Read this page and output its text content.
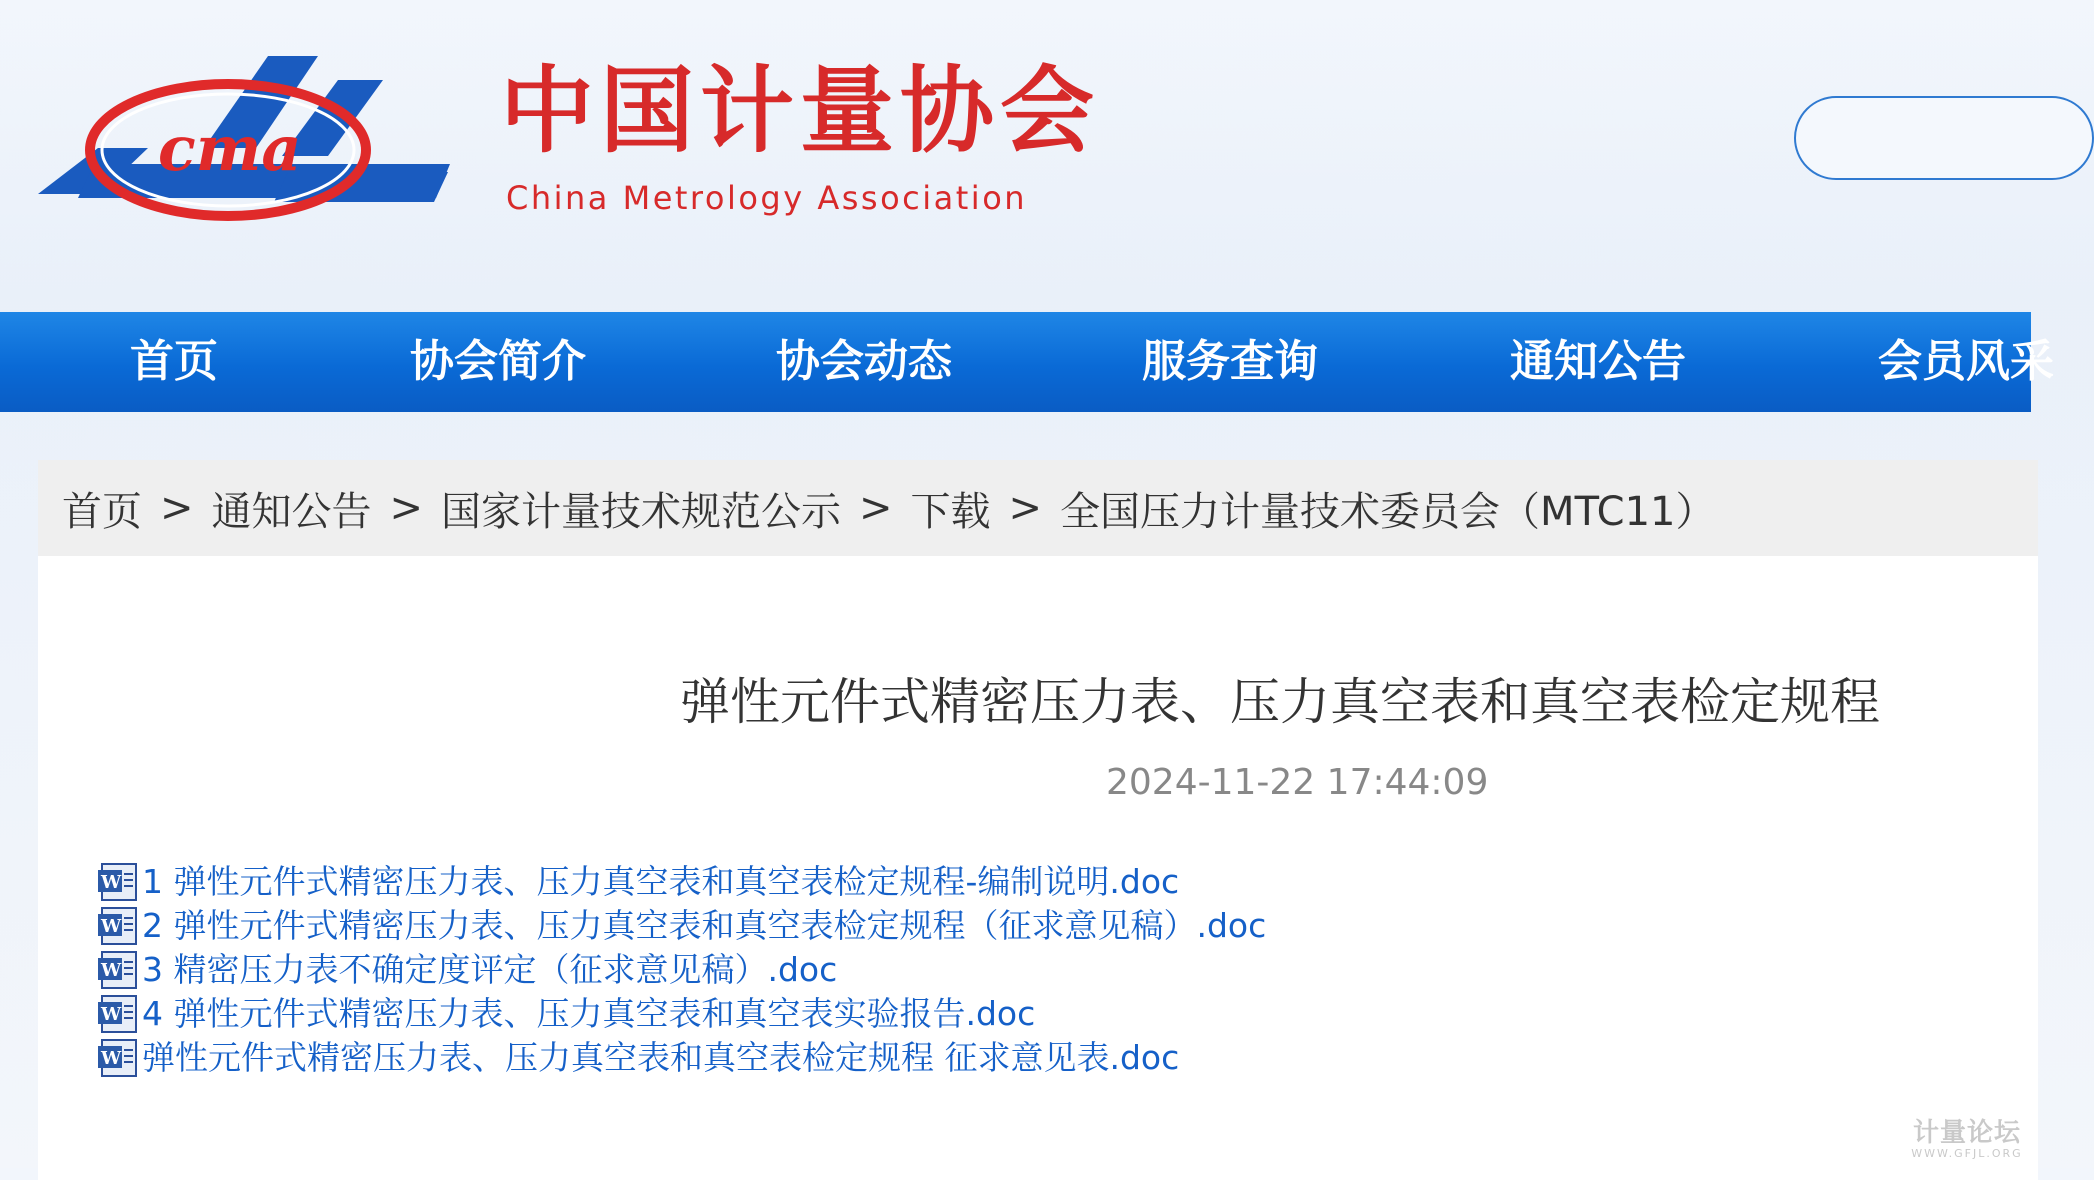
cma 中国计量协会
China Metrology Association
首页	协会简介	协会动态	服务查询	通知公告	会员风采
首页 > 通知公告 > 国家计量技术规范公示 > 下载 > 全国压力计量技术委员会（MTC11）
弹性元件式精密压力表、压力真空表和真空表检定规程
2024-11-22 17:44:09
W 1 弹性元件式精密压力表、压力真空表和真空表检定规程-编制说明.doc
W 2 弹性元件式精密压力表、压力真空表和真空表检定规程（征求意见稿）.doc
W 3 精密压力表不确定度评定（征求意见稿）.doc
W 4 弹性元件式精密压力表、压力真空表和真空表实验报告.doc
W 弹性元件式精密压力表、压力真空表和真空表检定规程 征求意见表.doc
计量论坛
WWW.GFJL.ORG
